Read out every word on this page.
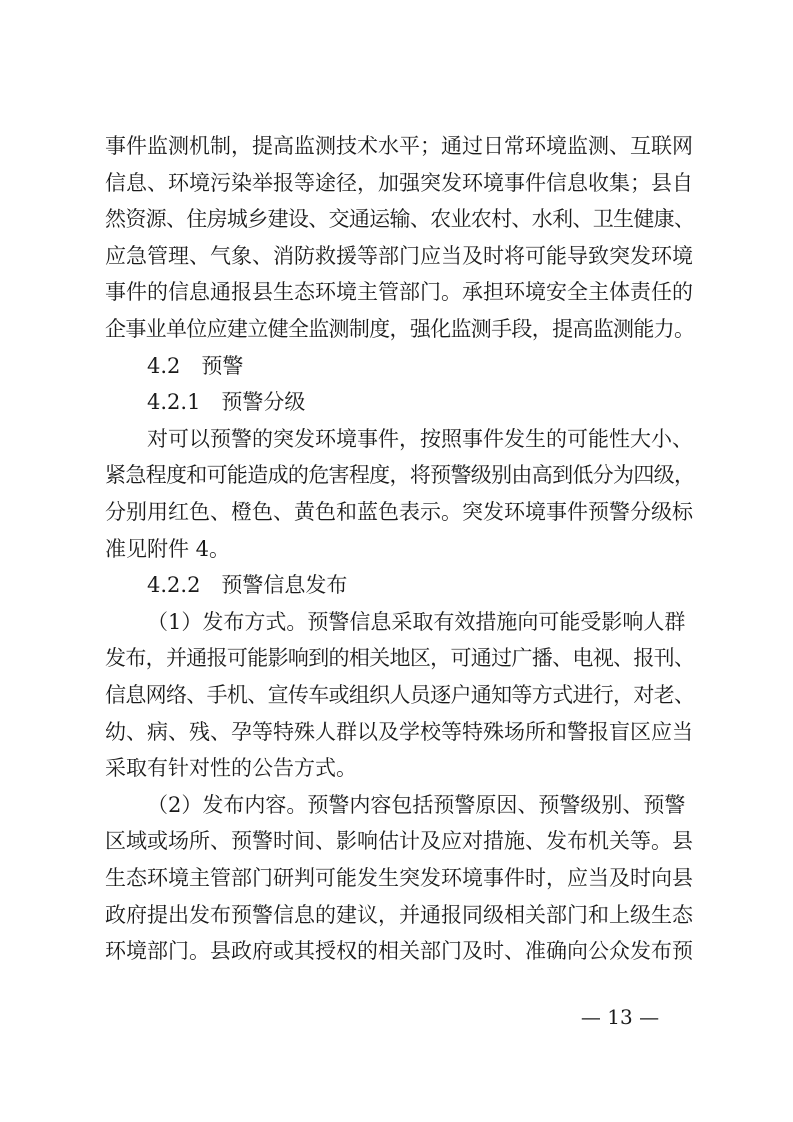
事件监测机制，提高监测技术水平；通过日常环境监测、互联网
信息、环境污染举报等途径，加强突发环境事件信息收集；县自
然资源、住房城乡建设、交通运输、农业农村、水利、卫生健康、
应急管理、气象、消防救援等部门应当及时将可能导致突发环境
事件的信息通报县生态环境主管部门。承担环境安全主体责任的
企事业单位应建立健全监测制度，强化监测手段，提高监测能力。
4.2　预警
4.2.1　预警分级
对可以预警的突发环境事件，按照事件发生的可能性大小、
紧急程度和可能造成的危害程度，将预警级别由高到低分为四级，
分别用红色、橙色、黄色和蓝色表示。突发环境事件预警分级标
准见附件 4。
4.2.2　预警信息发布
（1）发布方式。预警信息采取有效措施向可能受影响人群
发布，并通报可能影响到的相关地区，可通过广播、电视、报刊、
信息网络、手机、宣传车或组织人员逐户通知等方式进行，对老、
幼、病、残、孕等特殊人群以及学校等特殊场所和警报盲区应当
采取有针对性的公告方式。
（2）发布内容。预警内容包括预警原因、预警级别、预警
区域或场所、预警时间、影响估计及应对措施、发布机关等。县
生态环境主管部门研判可能发生突发环境事件时，应当及时向县
政府提出发布预警信息的建议，并通报同级相关部门和上级生态
环境部门。县政府或其授权的相关部门及时、准确向公众发布预
— 13 —
